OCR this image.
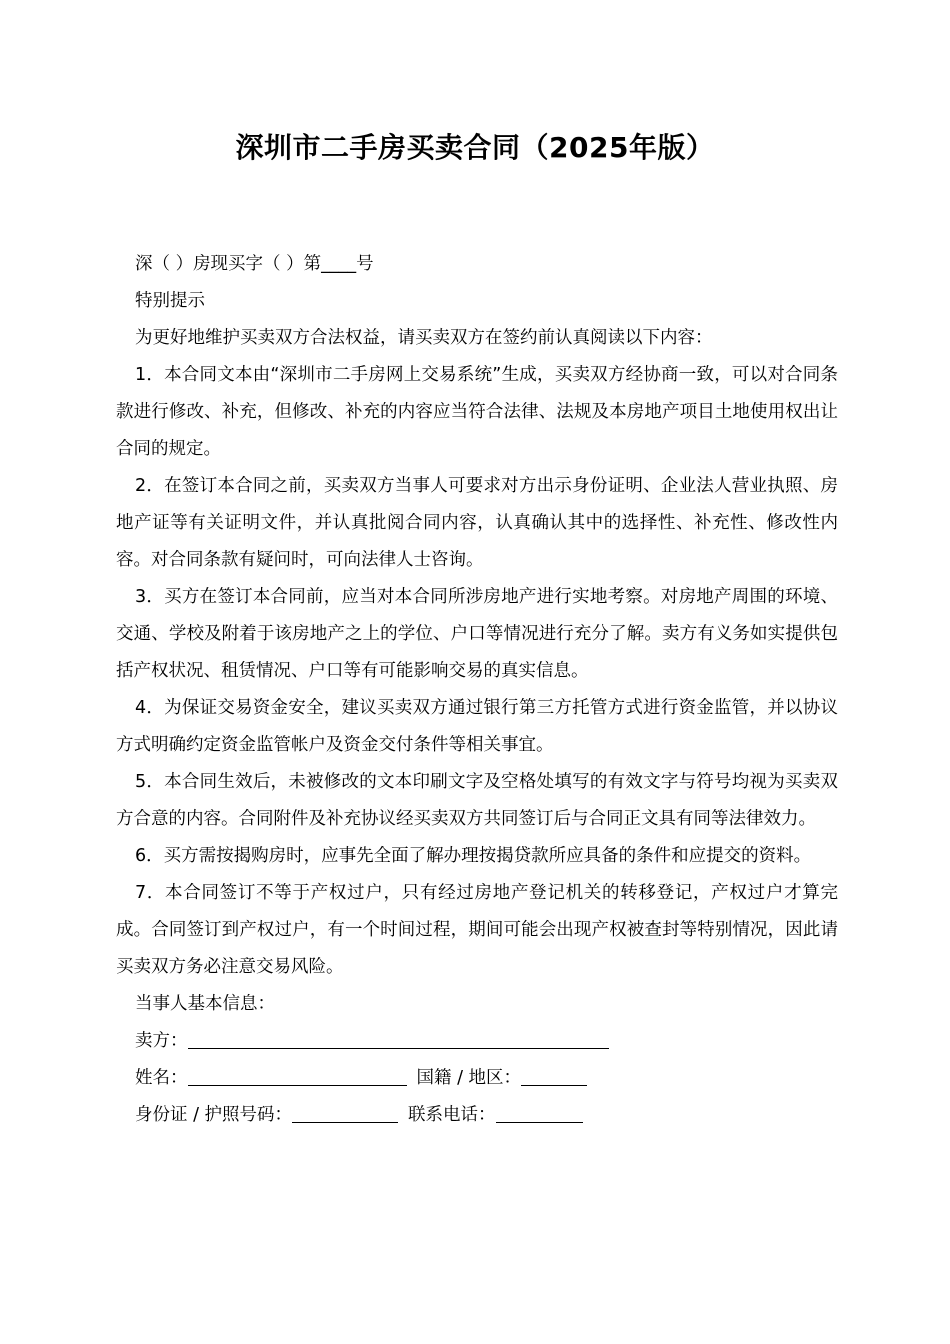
深圳市二手房买卖合同（2025年版）

深（ ）房现买字（ ）第____号

特别提示

为更好地维护买卖双方合法权益，请买卖双方在签约前认真阅读以下内容：

1．本合同文本由“深圳市二手房网上交易系统”生成，买卖双方经协商一致，可以对合同条款进行修改、补充，但修改、补充的内容应当符合法律、法规及本房地产项目土地使用权出让合同的规定。

2．在签订本合同之前，买卖双方当事人可要求对方出示身份证明、企业法人营业执照、房地产证等有关证明文件，并认真批阅合同内容，认真确认其中的选择性、补充性、修改性内容。对合同条款有疑问时，可向法律人士咨询。

3．买方在签订本合同前，应当对本合同所涉房地产进行实地考察。对房地产周围的环境、交通、学校及附着于该房地产之上的学位、户口等情况进行充分了解。卖方有义务如实提供包括产权状况、租赁情况、户口等有可能影响交易的真实信息。

4．为保证交易资金安全，建议买卖双方通过银行第三方托管方式进行资金监管，并以协议方式明确约定资金监管帐户及资金交付条件等相关事宜。

5．本合同生效后，未被修改的文本印刷文字及空格处填写的有效文字与符号均视为买卖双方合意的内容。合同附件及补充协议经买卖双方共同签订后与合同正文具有同等法律效力。

6．买方需按揭购房时，应事先全面了解办理按揭贷款所应具备的条件和应提交的资料。

7．本合同签订不等于产权过户，只有经过房地产登记机关的转移登记，产权过户才算完成。合同签订到产权过户，有一个时间过程，期间可能会出现产权被查封等特别情况，因此请买卖双方务必注意交易风险。

当事人基本信息：

卖方：

姓名：	国籍 / 地区：

身份证 / 护照号码：	联系电话：
